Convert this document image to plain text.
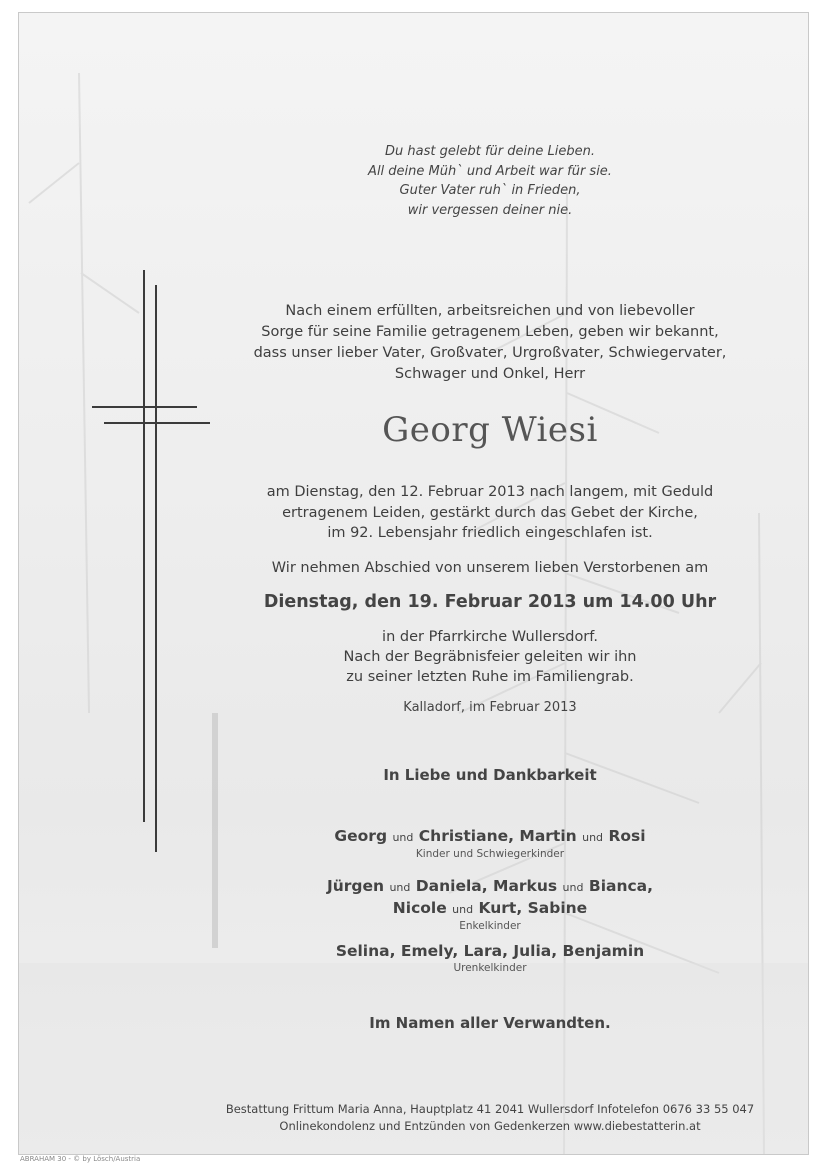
Du hast gelebt für deine Lieben.
All deine Müh` und Arbeit war für sie.
Guter Vater ruh` in Frieden,
wir vergessen deiner nie.
Nach einem erfüllten, arbeitsreichen und von liebevoller
Sorge für seine Familie getragenem Leben, geben wir bekannt,
dass unser lieber Vater, Großvater, Urgroßvater, Schwiegervater,
Schwager und Onkel, Herr
Georg Wiesi
am Dienstag, den 12. Februar 2013 nach langem, mit Geduld
ertragenem Leiden, gestärkt durch das Gebet der Kirche,
im 92. Lebensjahr friedlich eingeschlafen ist.
Wir nehmen Abschied von unserem lieben Verstorbenen am
Dienstag, den 19. Februar 2013 um 14.00 Uhr
in der Pfarrkirche Wullersdorf.
Nach der Begräbnisfeier geleiten wir ihn
zu seiner letzten Ruhe im Familiengrab.
Kalladorf, im Februar 2013
In Liebe und Dankbarkeit
Georg und Christiane, Martin und Rosi
Kinder und Schwiegerkinder
Jürgen und Daniela, Markus und Bianca,
Nicole und Kurt, Sabine
Enkelkinder
Selina, Emely, Lara, Julia, Benjamin
Urenkelkinder
Im Namen aller Verwandten.
Bestattung Frittum Maria Anna, Hauptplatz 41 2041 Wullersdorf Infotelefon 0676 33 55 047
Onlinekondolenz und Entzünden von Gedenkerzen www.diebestatterin.at
ABRAHAM 30 - © by Lösch/Austria
